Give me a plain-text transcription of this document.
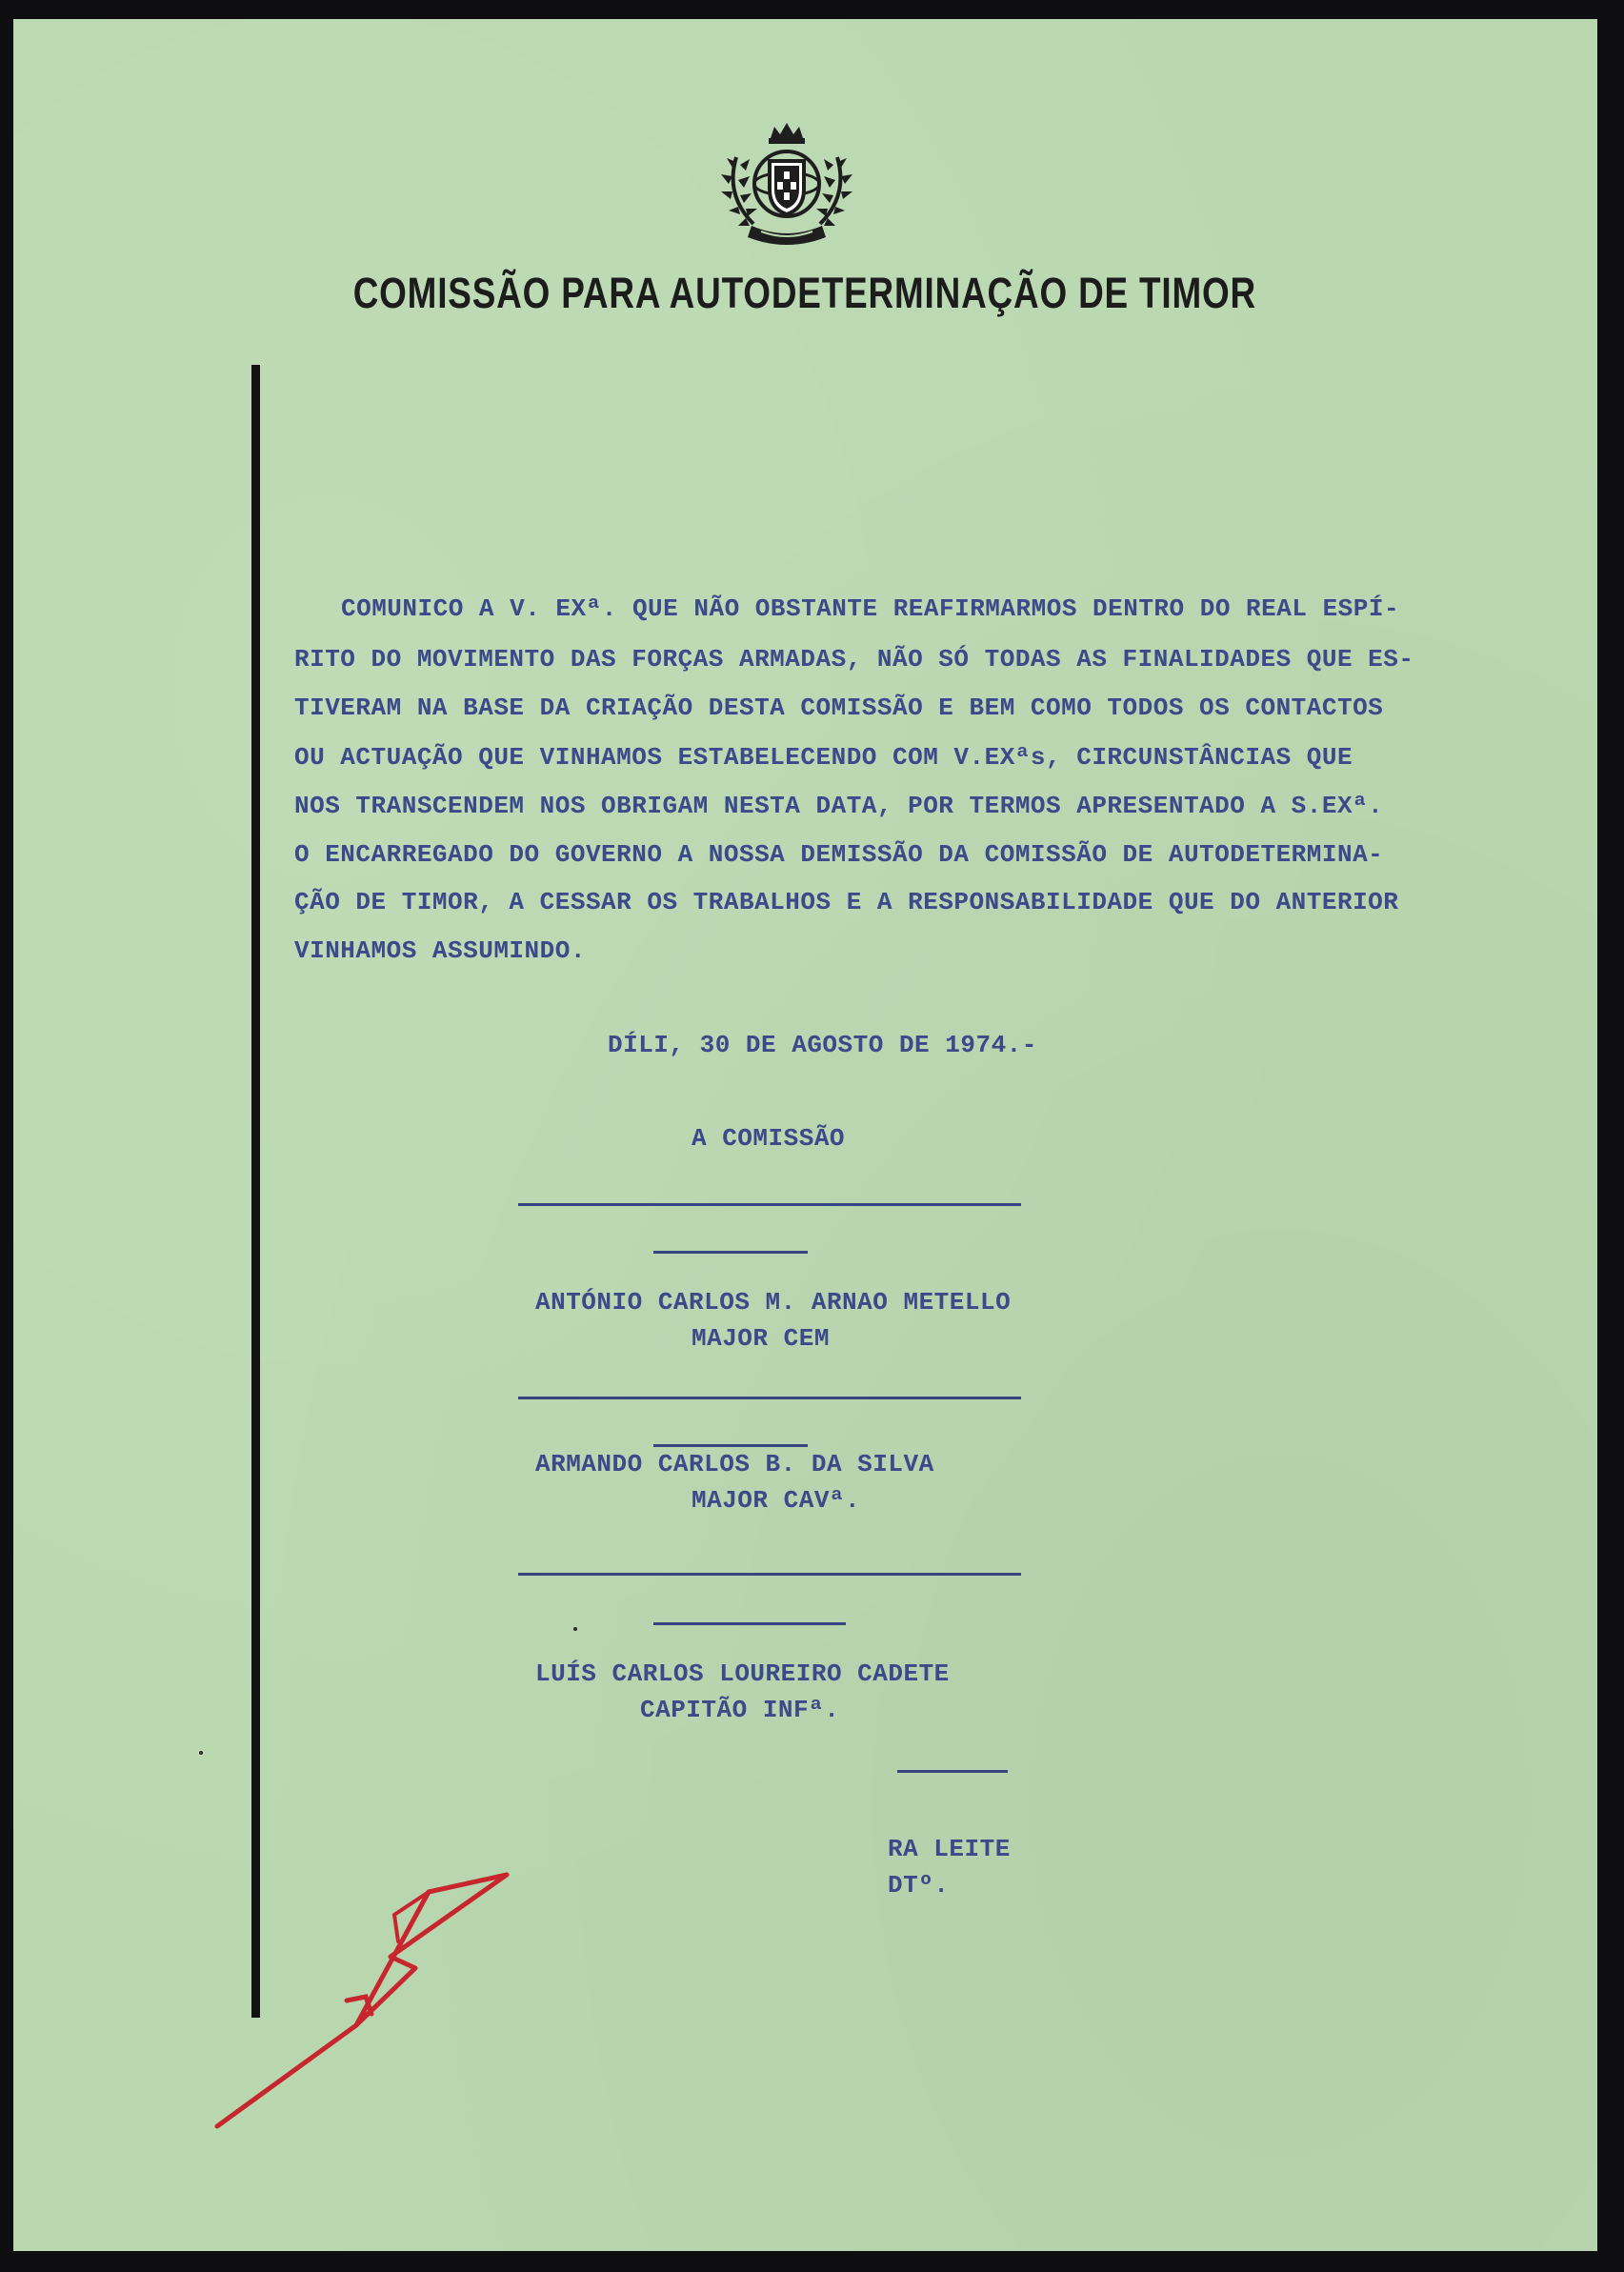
COMISSÃO PARA AUTODETERMINAÇÃO DE TIMOR
COMUNICO A V. EXª. QUE NÃO OBSTANTE REAFIRMARMOS DENTRO DO REAL ESPÍ-
RITO DO MOVIMENTO DAS FORÇAS ARMADAS, NÃO SÓ TODAS AS FINALIDADES QUE ES-
TIVERAM NA BASE DA CRIAÇÃO DESTA COMISSÃO E BEM COMO TODOS OS CONTACTOS
OU ACTUAÇÃO QUE VINHAMOS ESTABELECENDO COM V.EXªs, CIRCUNSTÂNCIAS QUE
NOS TRANSCENDEM NOS OBRIGAM NESTA DATA, POR TERMOS APRESENTADO A S.EXª.
O ENCARREGADO DO GOVERNO A NOSSA DEMISSÃO DA COMISSÃO DE AUTODETERMINA-
ÇÃO DE TIMOR, A CESSAR OS TRABALHOS E A RESPONSABILIDADE QUE DO ANTERIOR
VINHAMOS ASSUMINDO.
DÍLI, 30 DE AGOSTO DE 1974.-
A COMISSÃO
ANTÓNIO CARLOS M. ARNAO METELLO
MAJOR CEM
ARMANDO CARLOS B. DA SILVA
MAJOR CAVª.
LUÍS CARLOS LOUREIRO CADETE
CAPITÃO INFª.
RA LEITE
DTº.
